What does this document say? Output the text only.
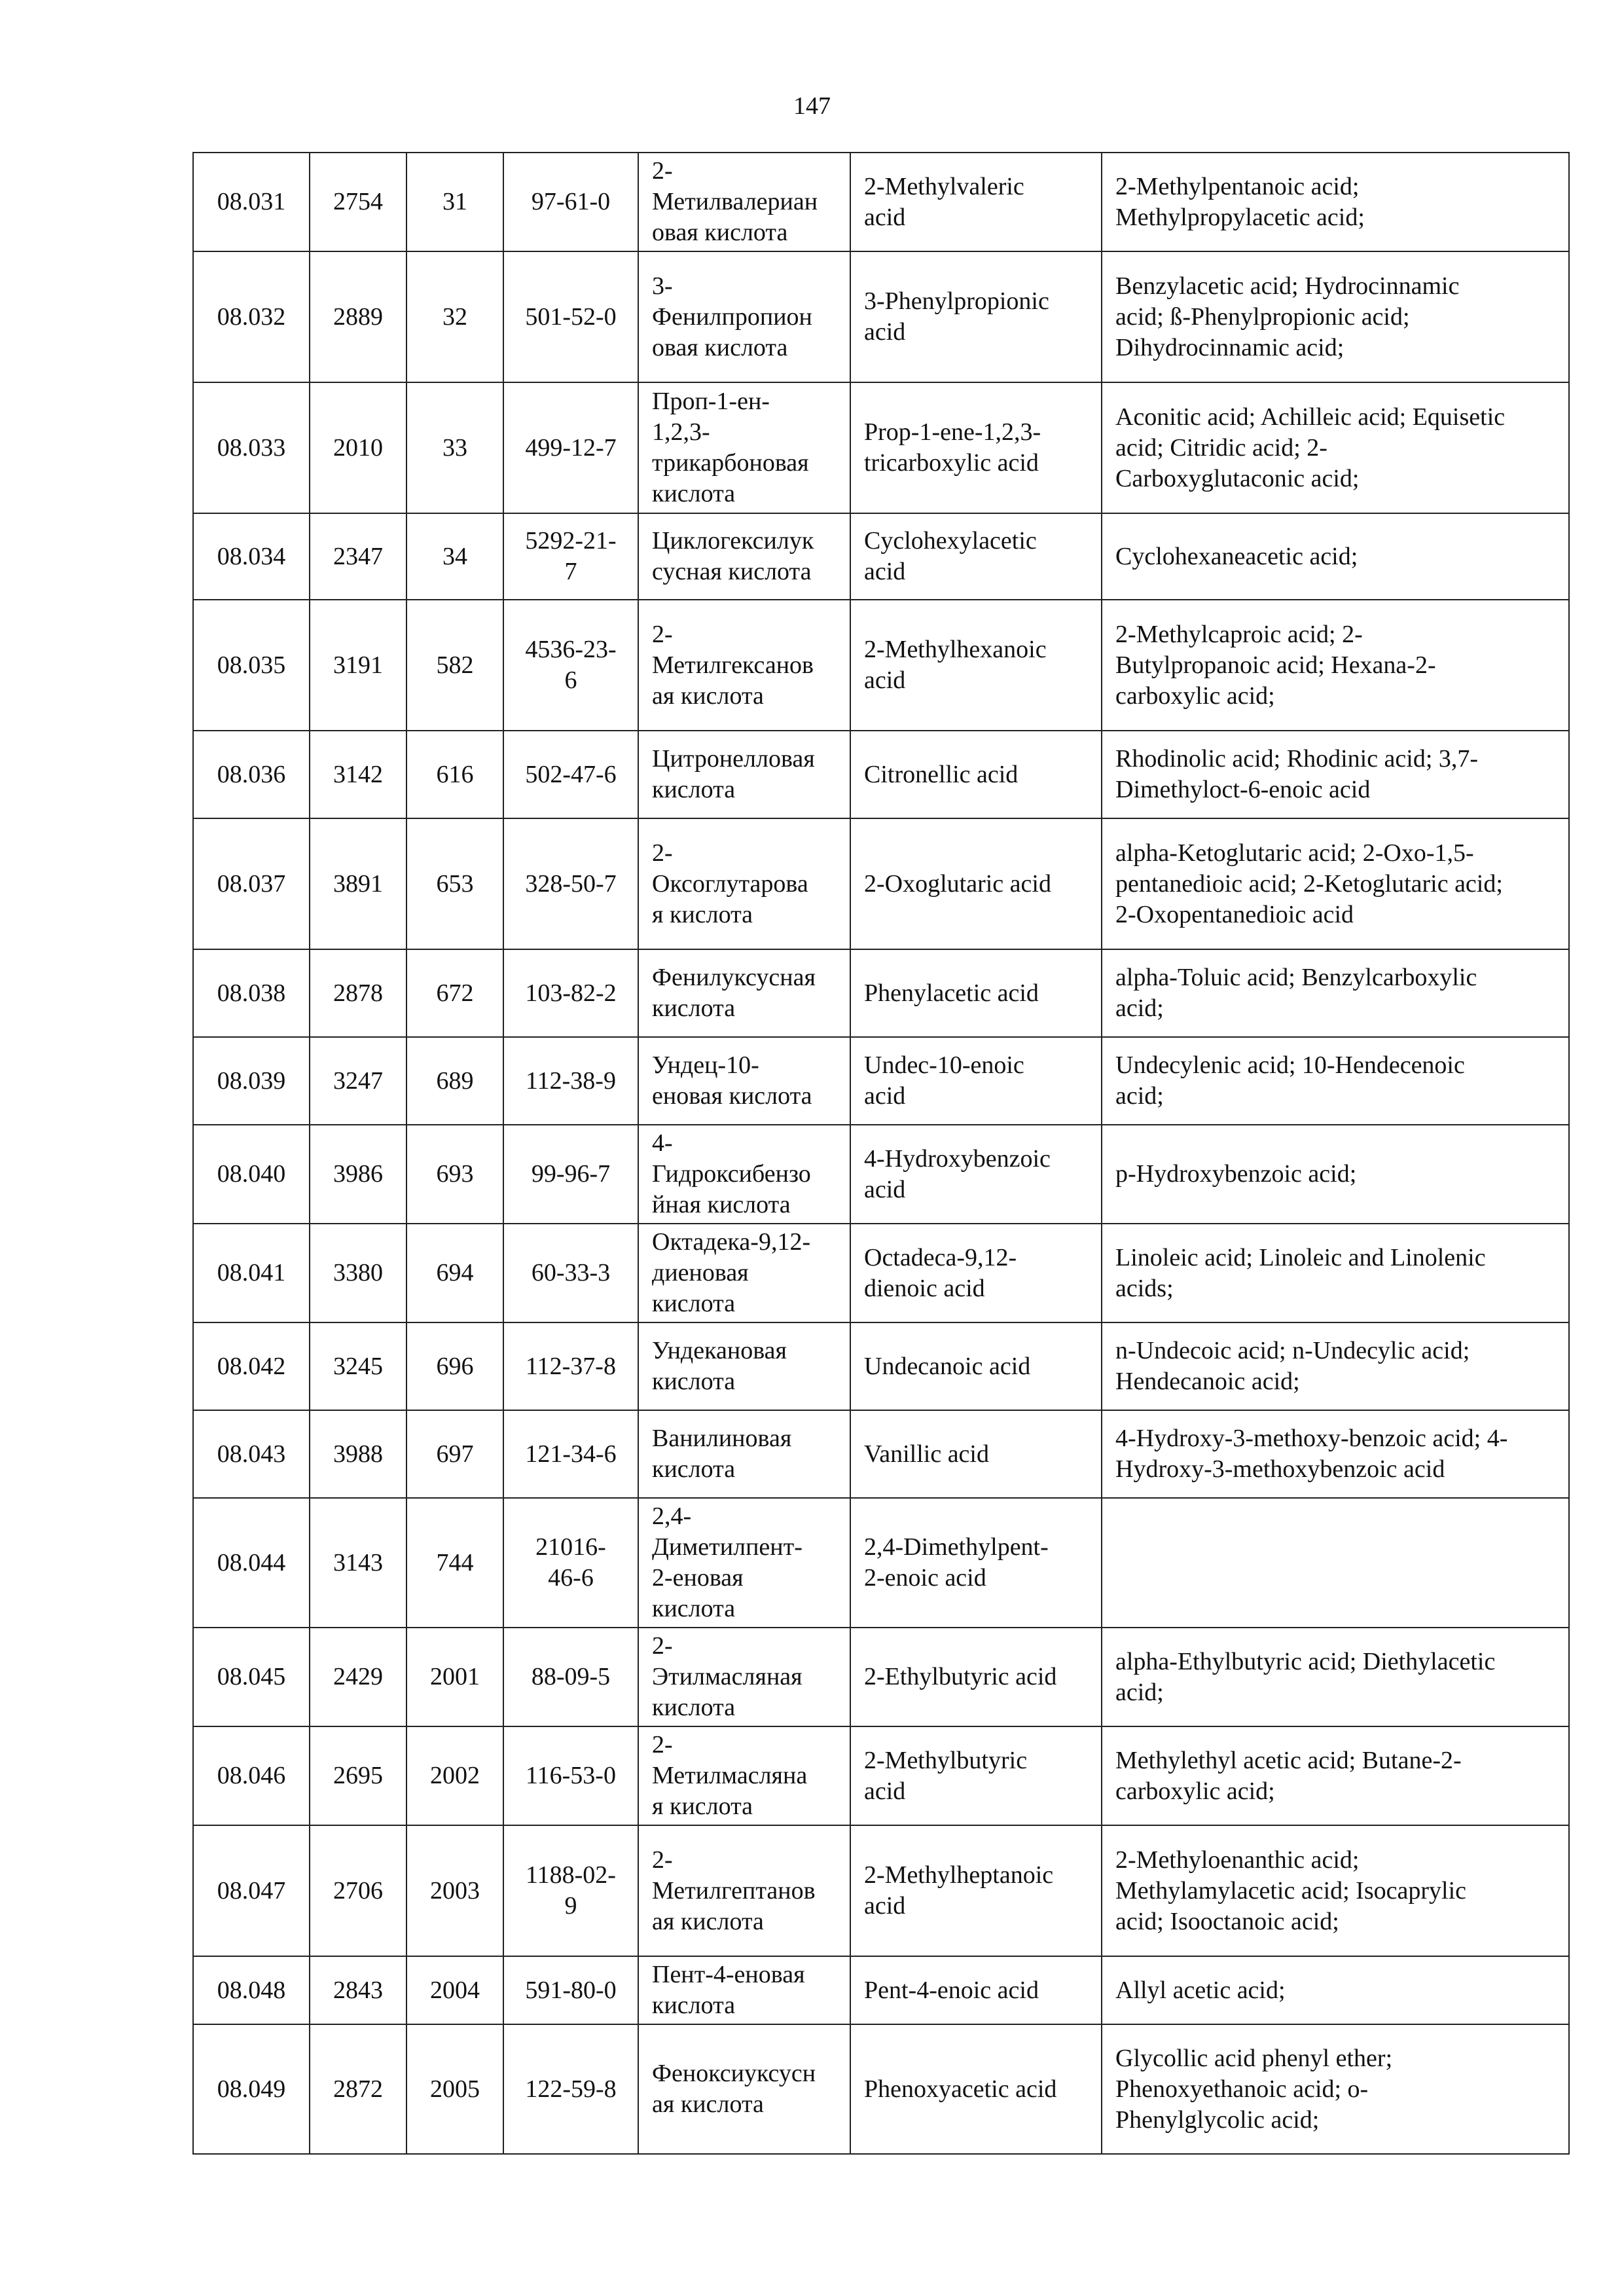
147
08.031	2754	31	97-61-0	2-
Метилвалериан
овая кислота	2-Methylvaleric
acid	2-Methylpentanoic acid;
Methylpropylacetic acid;
08.032	2889	32	501-52-0	3-
Фенилпропион
овая кислота	3-Phenylpropionic
acid	Benzylacetic acid; Hydrocinnamic
acid; ß-Phenylpropionic acid;
Dihydrocinnamic acid;
08.033	2010	33	499-12-7	Проп-1-ен-
1,2,3-
трикарбоновая
кислота	Prop-1-ene-1,2,3-
tricarboxylic acid	Aconitic acid; Achilleic acid; Equisetic
acid; Citridic acid; 2-
Carboxyglutaconic acid;
08.034	2347	34	5292-21-
7	Циклогексилук
сусная кислота	Cyclohexylacetic
acid	Cyclohexaneacetic acid;
08.035	3191	582	4536-23-
6	2-
Метилгексанов
ая кислота	2-Methylhexanoic
acid	2-Methylcaproic acid; 2-
Butylpropanoic acid; Hexana-2-
carboxylic acid;
08.036	3142	616	502-47-6	Цитронелловая
кислота	Citronellic acid	Rhodinolic acid; Rhodinic acid; 3,7-
Dimethyloct-6-enoic acid
08.037	3891	653	328-50-7	2-
Оксоглутарова
я кислота	2-Oxoglutaric acid	alpha-Ketoglutaric acid; 2-Oxo-1,5-
pentanedioic acid; 2-Ketoglutaric acid;
2-Oxopentanedioic acid
08.038	2878	672	103-82-2	Фенилуксусная
кислота	Phenylacetic acid	alpha-Toluic acid; Benzylcarboxylic
acid;
08.039	3247	689	112-38-9	Ундец-10-
еновая кислота	Undec-10-enoic
acid	Undecylenic acid; 10-Hendecenoic
acid;
08.040	3986	693	99-96-7	4-
Гидроксибензо
йная кислота	4-Hydroxybenzoic
acid	p-Hydroxybenzoic acid;
08.041	3380	694	60-33-3	Октадека-9,12-
диеновая
кислота	Octadeca-9,12-
dienoic acid	Linoleic acid; Linoleic and Linolenic
acids;
08.042	3245	696	112-37-8	Ундекановая
кислота	Undecanoic acid	n-Undecoic acid; n-Undecylic acid;
Hendecanoic acid;
08.043	3988	697	121-34-6	Ванилиновая
кислота	Vanillic acid	4-Hydroxy-3-methoxy-benzoic acid; 4-
Hydroxy-3-methoxybenzoic acid
08.044	3143	744	21016-
46-6	2,4-
Диметилпент-
2-еновая
кислота	2,4-Dimethylpent-
2-enoic acid	
08.045	2429	2001	88-09-5	2-
Этилмасляная
кислота	2-Ethylbutyric acid	alpha-Ethylbutyric acid; Diethylacetic
acid;
08.046	2695	2002	116-53-0	2-
Метилмасляна
я кислота	2-Methylbutyric
acid	Methylethyl acetic acid; Butane-2-
carboxylic acid;
08.047	2706	2003	1188-02-
9	2-
Метилгептанов
ая кислота	2-Methylheptanoic
acid	2-Methyloenanthic acid;
Methylamylacetic acid; Isocaprylic
acid; Isooctanoic acid;
08.048	2843	2004	591-80-0	Пент-4-еновая
кислота	Pent-4-enoic acid	Allyl acetic acid;
08.049	2872	2005	122-59-8	Феноксиуксусн
ая кислота	Phenoxyacetic acid	Glycollic acid phenyl ether;
Phenoxyethanoic acid; o-
Phenylglycolic acid;
